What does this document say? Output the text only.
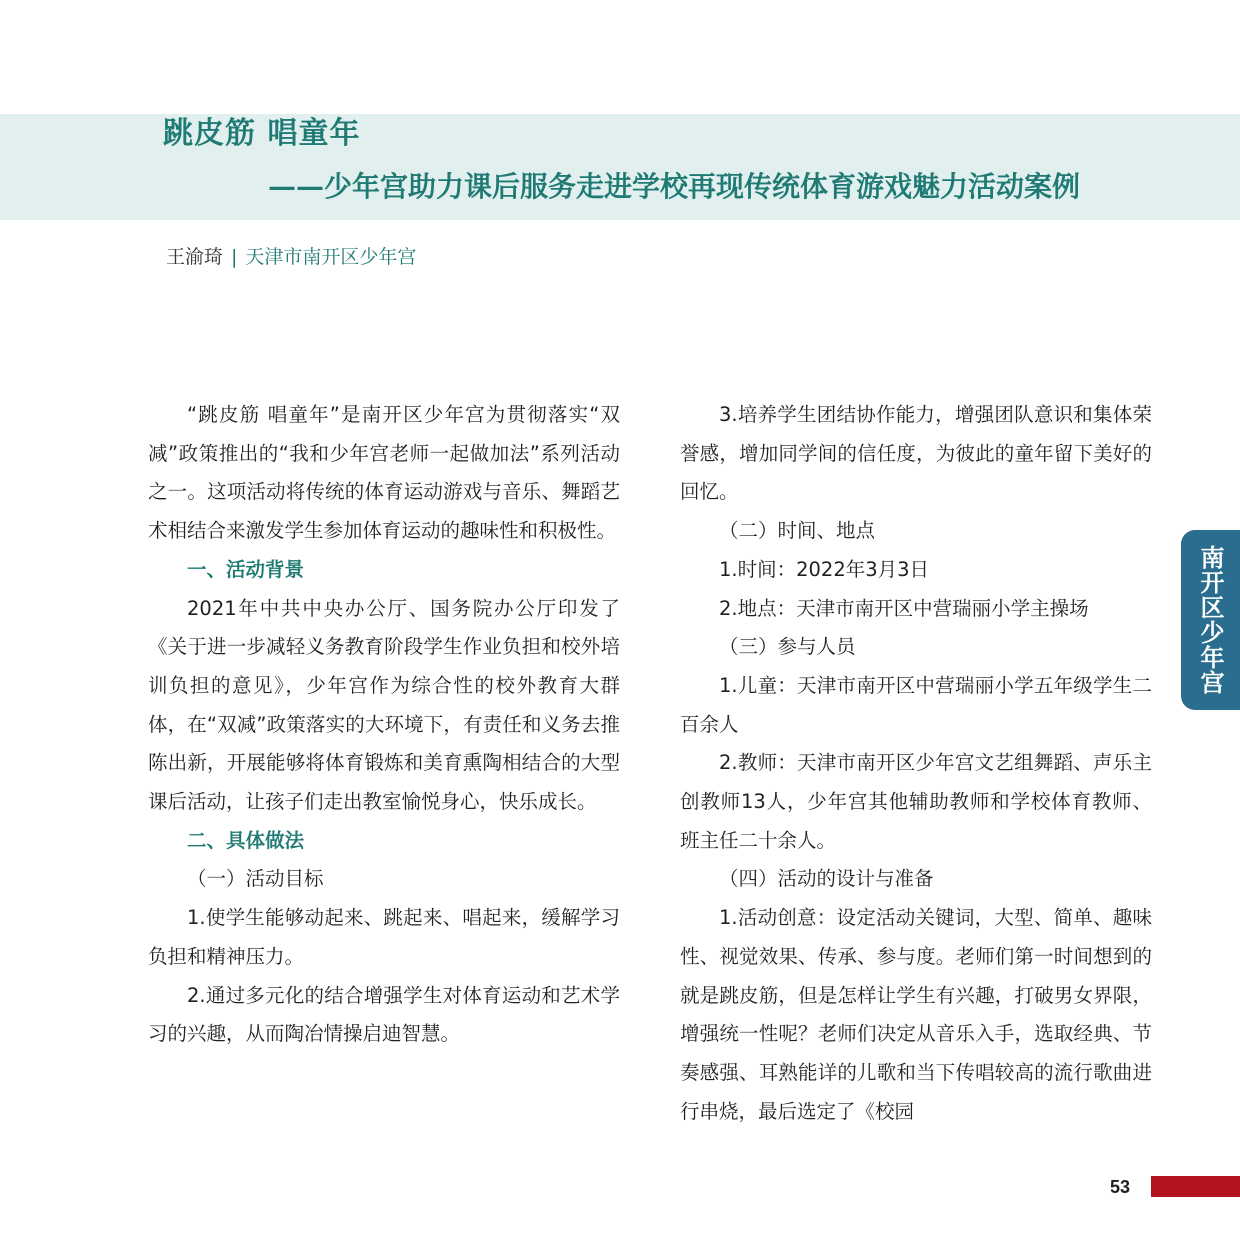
跳皮筋 唱童年
——少年宫助力课后服务走进学校再现传统体育游戏魅力活动案例
王渝琦 | 天津市南开区少年宫

“跳皮筋 唱童年”是南开区少年宫为贯彻落实“双减”政策推出的“我和少年宫老师一起做加法”系列活动之一。这项活动将传统的体育运动游戏与音乐、舞蹈艺术相结合来激发学生参加体育运动的趣味性和积极性。

一、活动背景

2021年中共中央办公厅、国务院办公厅印发了《关于进一步减轻义务教育阶段学生作业负担和校外培训负担的意见》，少年宫作为综合性的校外教育大群体，在“双减”政策落实的大环境下，有责任和义务去推陈出新，开展能够将体育锻炼和美育熏陶相结合的大型课后活动，让孩子们走出教室愉悦身心，快乐成长。

二、具体做法

（一）活动目标

1.使学生能够动起来、跳起来、唱起来，缓解学习负担和精神压力。

2.通过多元化的结合增强学生对体育运动和艺术学习的兴趣，从而陶冶情操启迪智慧。

3.培养学生团结协作能力，增强团队意识和集体荣誉感，增加同学间的信任度，为彼此的童年留下美好的回忆。

（二）时间、地点

1.时间：2022年3月3日

2.地点：天津市南开区中营瑞丽小学主操场

（三）参与人员

1.儿童：天津市南开区中营瑞丽小学五年级学生二百余人

2.教师：天津市南开区少年宫文艺组舞蹈、声乐主创教师13人，少年宫其他辅助教师和学校体育教师、班主任二十余人。

（四）活动的设计与准备

1.活动创意：设定活动关键词，大型、简单、趣味性、视觉效果、传承、参与度。老师们第一时间想到的就是跳皮筋，但是怎样让学生有兴趣，打破男女界限，增强统一性呢？老师们决定从音乐入手，选取经典、节奏感强、耳熟能详的儿歌和当下传唱较高的流行歌曲进行串烧，最后选定了《校园

南开区少年宫
53
